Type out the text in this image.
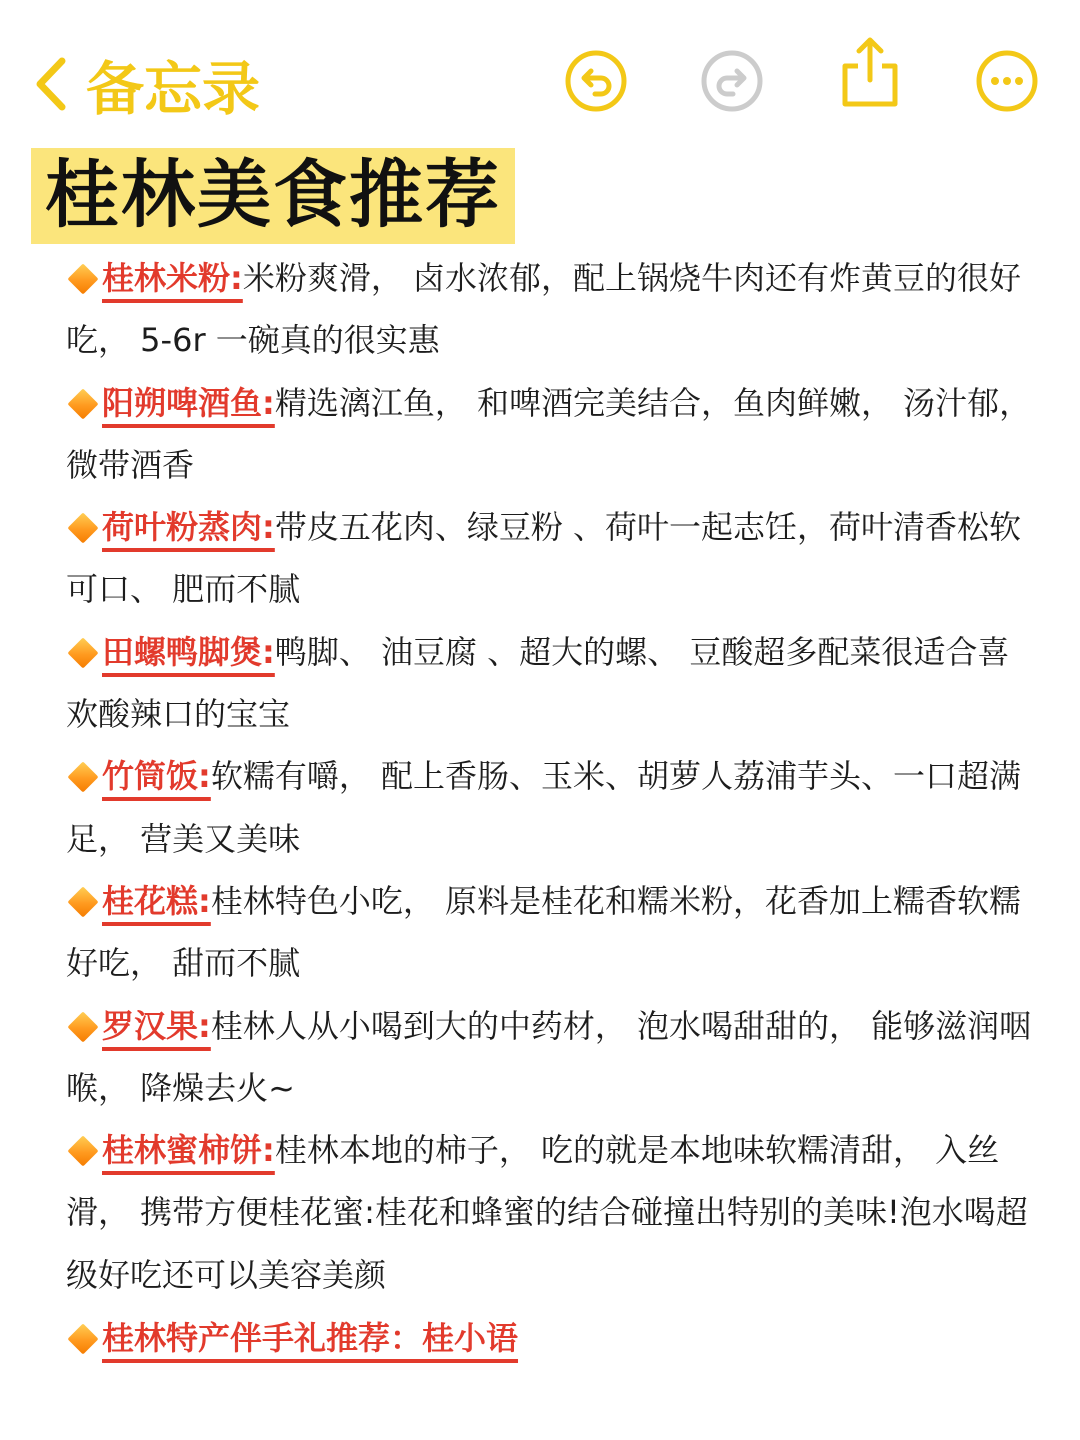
备忘录
桂林美食推荐

桂林米粉:米粉爽滑， 卤水浓郁，配上锅烧牛肉还有炸黄豆的很好吃， 5-6r 一碗真的很实惠

阳朔啤酒鱼:精选漓江鱼， 和啤酒完美结合，鱼肉鲜嫩， 汤汁郁， 微带酒香

荷叶粉蒸肉:带皮五花肉、绿豆粉 、荷叶一起志饪，荷叶清香松软可口、 肥而不腻

田螺鸭脚煲:鸭脚、 油豆腐 、超大的螺、 豆酸超多配菜很适合喜欢酸辣口的宝宝

竹筒饭:软糯有嚼， 配上香肠、玉米、胡萝人荔浦芋头、一口超满足， 营美又美味

桂花糕:桂林特色小吃， 原料是桂花和糯米粉，花香加上糯香软糯好吃， 甜而不腻

罗汉果:桂林人从小喝到大的中药材， 泡水喝甜甜的， 能够滋润咽喉， 降燥去火~

桂林蜜柿饼:桂林本地的柿子， 吃的就是本地味软糯清甜， 入丝滑， 携带方便桂花蜜:桂花和蜂蜜的结合碰撞出特别的美味!泡水喝超级好吃还可以美容美颜

桂林特产伴手礼推荐：桂小语
